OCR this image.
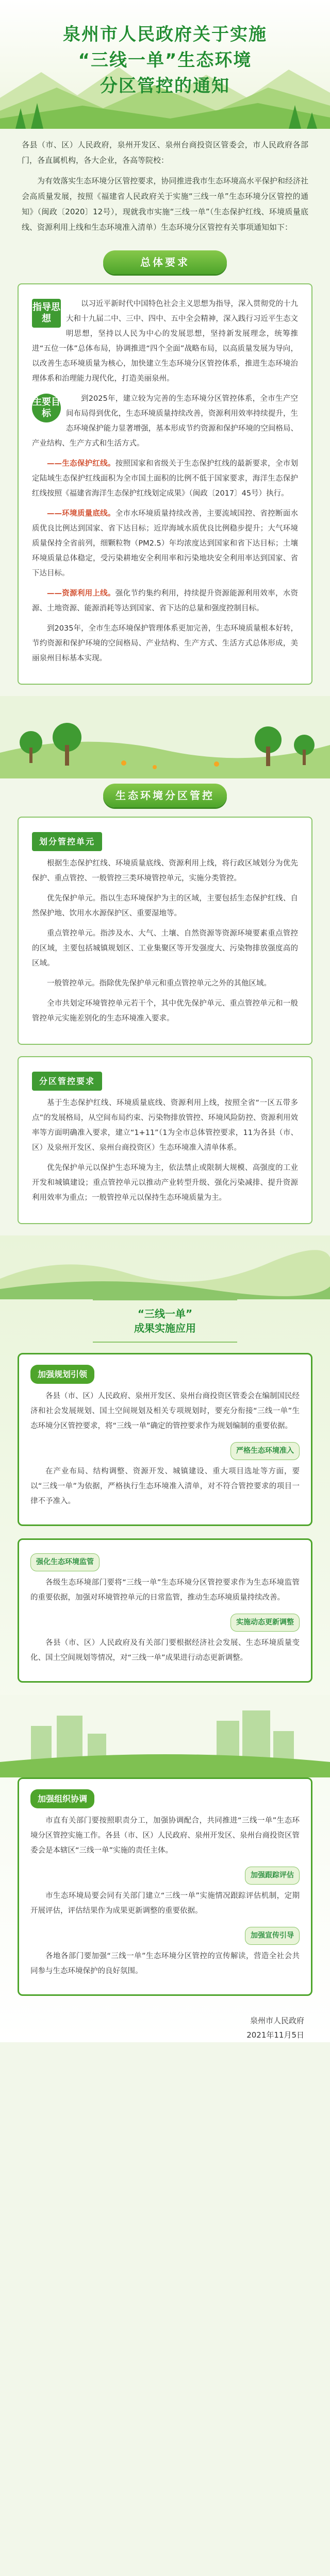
泉州市人民政府关于实施
“三线一单”生态环境
分区管控的通知

各县（市、区）人民政府，泉州开发区、泉州台商投资区管委会，市人民政府各部门，各直属机构，各大企业，各高等院校：

为有效落实生态环境分区管控要求，协同推进我市生态环境高水平保护和经济社会高质量发展，按照《福建省人民政府关于实施“三线一单”生态环境分区管控的通知》（闽政〔2020〕12号），现就我市实施“三线一单”（生态保护红线、环境质量底线、资源利用上线和生态环境准入清单）生态环境分区管控有关事项通知如下：

总体要求
指导思想

以习近平新时代中国特色社会主义思想为指导，深入贯彻党的十九大和十九届二中、三中、四中、五中全会精神，深入践行习近平生态文明思想，坚持以人民为中心的发展思想，坚持新发展理念，统筹推进“五位一体”总体布局，协调推进“四个全面”战略布局，以高质量发展为导向，以改善生态环境质量为核心，加快建立生态环境分区管控体系，推进生态环境治理体系和治理能力现代化，打造美丽泉州。

主要目标

到2025年，建立较为完善的生态环境分区管控体系，全市生产空间布局得到优化，生态环境质量持续改善，资源利用效率持续提升，生态环境保护能力显著增强，基本形成节约资源和保护环境的空间格局、产业结构、生产方式和生活方式。

——生态保护红线。按照国家和省级关于生态保护红线的最新要求，全市划定陆域生态保护红线面积为全市国土面积的比例不低于国家要求，海洋生态保护红线按照《福建省海洋生态保护红线划定成果》（闽政〔2017〕45号）执行。

——环境质量底线。全市水环境质量持续改善，主要流域国控、省控断面水质优良比例达到国家、省下达目标；近岸海域水质优良比例稳步提升；大气环境质量保持全省前列，细颗粒物（PM2.5）年均浓度达到国家和省下达目标；土壤环境质量总体稳定，受污染耕地安全利用率和污染地块安全利用率达到国家、省下达目标。

——资源利用上线。强化节约集约利用，持续提升资源能源利用效率，水资源、土地资源、能源消耗等达到国家、省下达的总量和强度控制目标。

到2035年，全市生态环境保护管理体系更加完善，生态环境质量根本好转，节约资源和保护环境的空间格局、产业结构、生产方式、生活方式总体形成，美丽泉州目标基本实现。

生态环境分区管控
划分管控单元

根据生态保护红线、环境质量底线、资源利用上线，将行政区域划分为优先保护、重点管控、一般管控三类环境管控单元，实施分类管控。

优先保护单元。指以生态环境保护为主的区域，主要包括生态保护红线、自然保护地、饮用水水源保护区、重要湿地等。

重点管控单元。指涉及水、大气、土壤、自然资源等资源环境要素重点管控的区域，主要包括城镇规划区、工业集聚区等开发强度大、污染物排放强度高的区域。

一般管控单元。指除优先保护单元和重点管控单元之外的其他区域。

全市共划定环境管控单元若干个，其中优先保护单元、重点管控单元和一般管控单元实施差别化的生态环境准入要求。

分区管控要求

基于生态保护红线、环境质量底线、资源利用上线，按照全省“一区五带多点”的发展格局，从空间布局约束、污染物排放管控、环境风险防控、资源利用效率等方面明确准入要求，建立“1+11”（1为全市总体管控要求，11为各县（市、区）及泉州开发区、泉州台商投资区）生态环境准入清单体系。

优先保护单元以保护生态环境为主，依法禁止或限制大规模、高强度的工业开发和城镇建设；重点管控单元以推动产业转型升级、强化污染减排、提升资源利用效率为重点；一般管控单元以保持生态环境质量为主。

“三线一单”
成果实施应用
加强规划引领

各县（市、区）人民政府、泉州开发区、泉州台商投资区管委会在编制国民经济和社会发展规划、国土空间规划及相关专项规划时，要充分衔接“三线一单”生态环境分区管控要求，将“三线一单”确定的管控要求作为规划编制的重要依据。

严格生态环境准入

在产业布局、结构调整、资源开发、城镇建设、重大项目选址等方面，要以“三线一单”为依据，严格执行生态环境准入清单，对不符合管控要求的项目一律不予准入。

强化生态环境监管

各级生态环境部门要将“三线一单”生态环境分区管控要求作为生态环境监管的重要依据，加强对环境管控单元的日常监管，推动生态环境质量持续改善。

实施动态更新调整

各县（市、区）人民政府及有关部门要根据经济社会发展、生态环境质量变化、国土空间规划等情况，对“三线一单”成果进行动态更新调整。

加强组织协调

市直有关部门要按照职责分工，加强协调配合，共同推进“三线一单”生态环境分区管控实施工作。各县（市、区）人民政府、泉州开发区、泉州台商投资区管委会是本辖区“三线一单”实施的责任主体。

加强跟踪评估

市生态环境局要会同有关部门建立“三线一单”实施情况跟踪评估机制，定期开展评估，评估结果作为成果更新调整的重要依据。

加强宣传引导

各地各部门要加强“三线一单”生态环境分区管控的宣传解读，营造全社会共同参与生态环境保护的良好氛围。

泉州市人民政府
2021年11月5日
